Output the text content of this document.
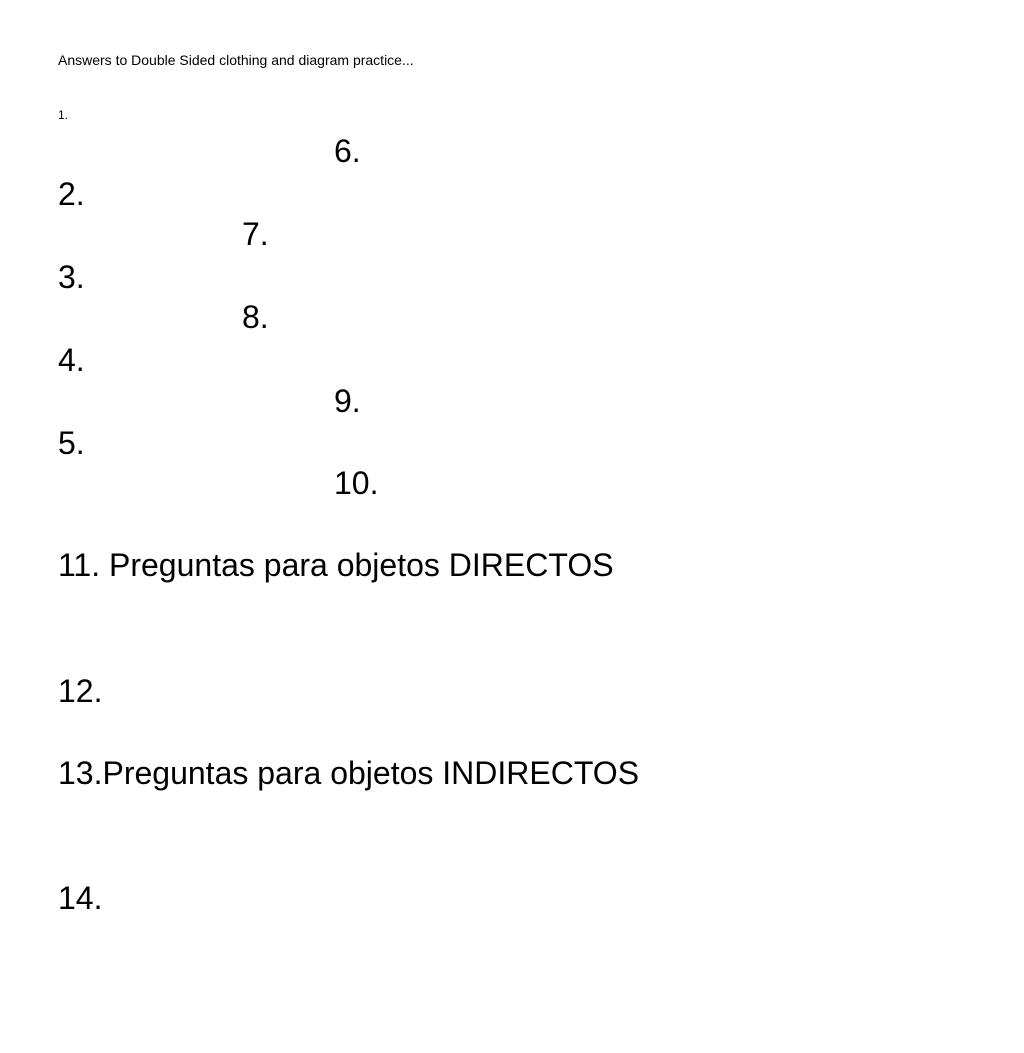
Answers to Double Sided clothing and diagram practice...
1.
6.
2.
7.
3.
8.
4.
9.
5.
10.
11. Preguntas para objetos DIRECTOS
12.
13.Preguntas para objetos INDIRECTOS
14.
